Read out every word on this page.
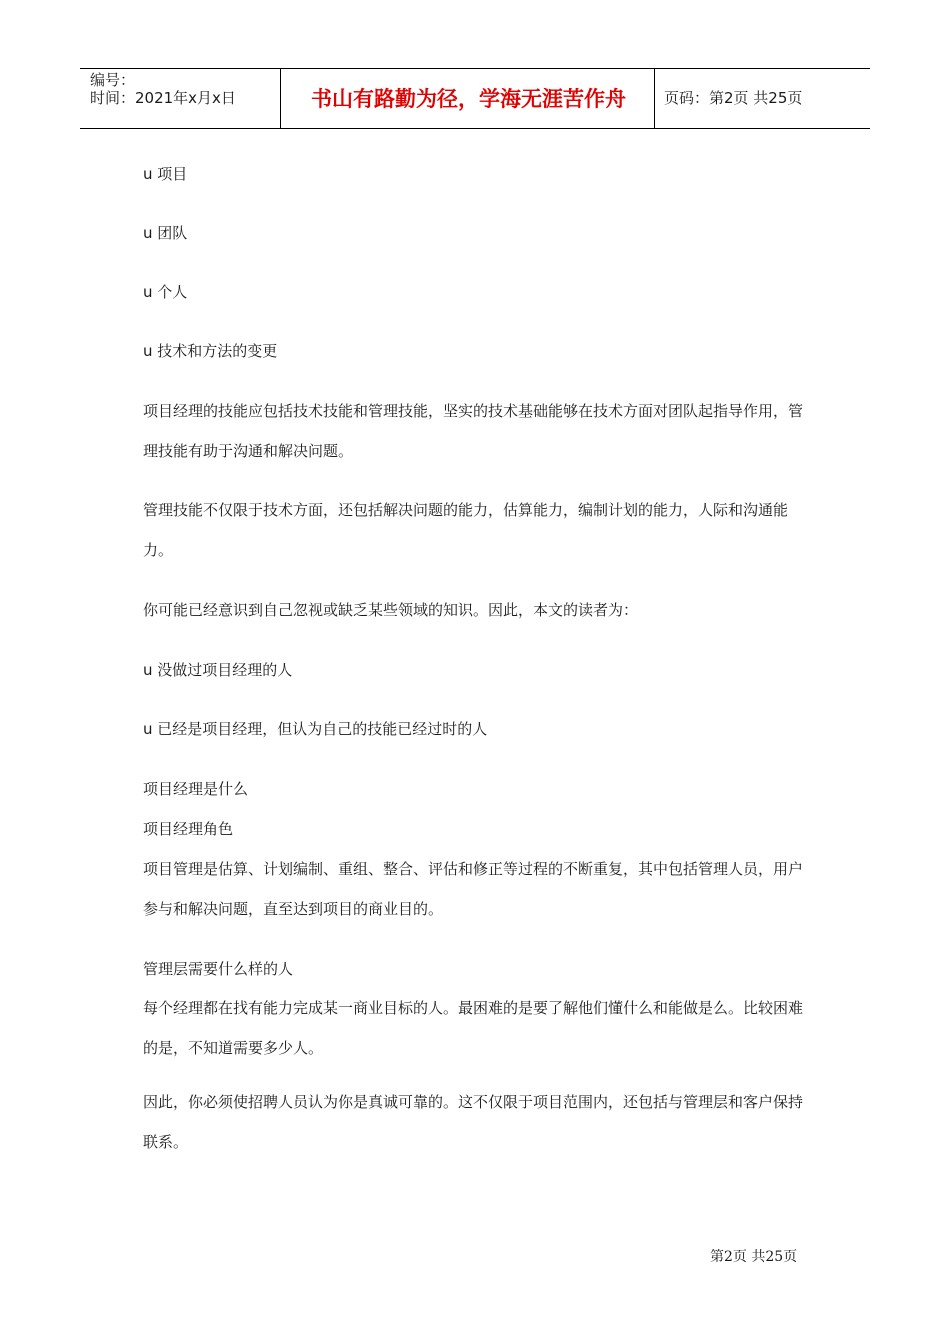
编号：
时间：2021年x月x日	书山有路勤为径，学海无涯苦作舟	页码：第2页 共25页

u 项目

u 团队

u 个人

u 技术和方法的变更

项目经理的技能应包括技术技能和管理技能，坚实的技术基础能够在技术方面对团队起指导作用，管理技能有助于沟通和解决问题。

管理技能不仅限于技术方面，还包括解决问题的能力，估算能力，编制计划的能力，人际和沟通能力。

你可能已经意识到自己忽视或缺乏某些领域的知识。因此，本文的读者为：

u 没做过项目经理的人

u 已经是项目经理，但认为自己的技能已经过时的人

项目经理是什么

项目经理角色

项目管理是估算、计划编制、重组、整合、评估和修正等过程的不断重复，其中包括管理人员，用户参与和解决问题，直至达到项目的商业目的。

管理层需要什么样的人

每个经理都在找有能力完成某一商业目标的人。最困难的是要了解他们懂什么和能做是么。比较困难的是，不知道需要多少人。

因此，你必须使招聘人员认为你是真诚可靠的。这不仅限于项目范围内，还包括与管理层和客户保持联系。

第2页 共25页
